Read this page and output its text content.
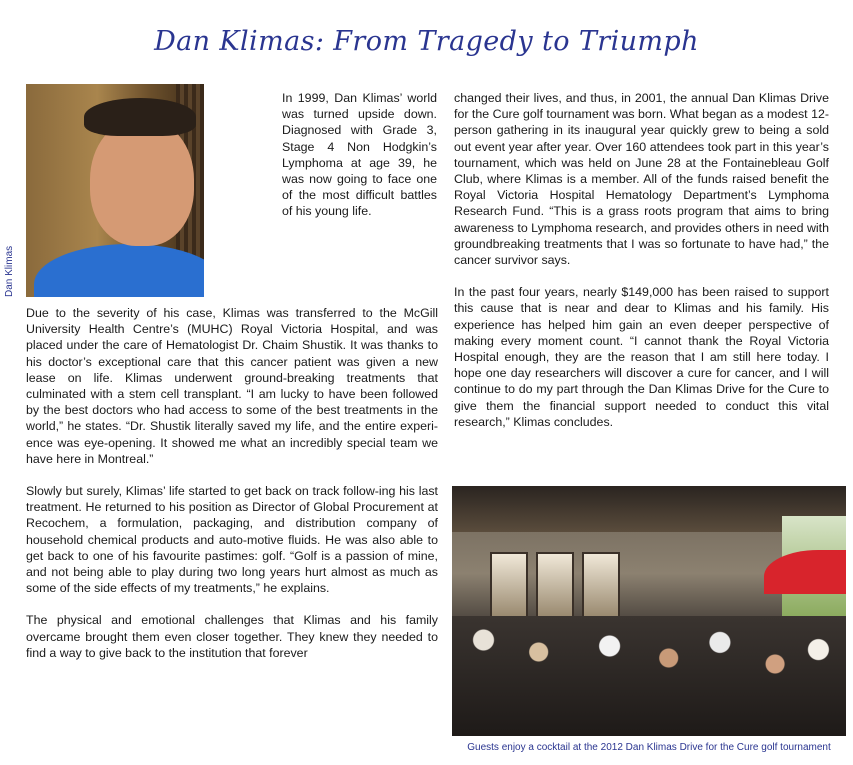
Dan Klimas: From Tragedy to Triumph
Dan Klimas
In 1999, Dan Klimas’ world was turned upside down. Diagnosed with Grade 3, Stage 4 Non Hodgkin’s Lymphoma at age 39, he was now going to face one of the most difficult battles of his young life.

Due to the severity of his case, Klimas was transferred to the McGill University Health Centre’s (MUHC) Royal Victoria Hospital, and was placed under the care of Hematologist Dr. Chaim Shustik. It was thanks to his doctor’s exceptional care that this cancer patient was given a new lease on life. Klimas underwent ground-breaking treatments that culminated with a stem cell transplant. “I am lucky to have been followed by the best doctors who had access to some of the best treatments in the world,” he states. “Dr. Shustik literally saved my life, and the entire experi-ence was eye-opening. It showed me what an incredibly special team we have here in Montreal.”

Slowly but surely, Klimas’ life started to get back on track follow-ing his last treatment. He returned to his position as Director of Global Procurement at Recochem, a formulation, packaging, and distribution company of household chemical products and auto-motive fluids. He was also able to get back to one of his favourite pastimes: golf. “Golf is a passion of mine, and not being able to play during two long years hurt almost as much as some of the side effects of my treatments,” he explains.

The physical and emotional challenges that Klimas and his family overcame brought them even closer together. They knew they needed to find a way to give back to the institution that forever

changed their lives, and thus, in 2001, the annual Dan Klimas Drive for the Cure golf tournament was born. What began as a modest 12-person gathering in its inaugural year quickly grew to being a sold out event year after year. Over 160 attendees took part in this year’s tournament, which was held on June 28 at the Fontainebleau Golf Club, where Klimas is a member. All of the funds raised benefit the Royal Victoria Hospital Hematology Department’s Lymphoma Research Fund. “This is a grass roots program that aims to bring awareness to Lymphoma research, and provides others in need with groundbreaking treatments that I was so fortunate to have had,” the cancer survivor says.

In the past four years, nearly $149,000 has been raised to support this cause that is near and dear to Klimas and his family. His experience has helped him gain an even deeper perspective of making every moment count. “I cannot thank the Royal Victoria Hospital enough, they are the reason that I am still here today. I hope one day researchers will discover a cure for cancer, and I will continue to do my part through the Dan Klimas Drive for the Cure to give them the financial support needed to conduct this vital research,” Klimas concludes.

Guests enjoy a cocktail at the 2012 Dan Klimas Drive for the Cure golf tournament
